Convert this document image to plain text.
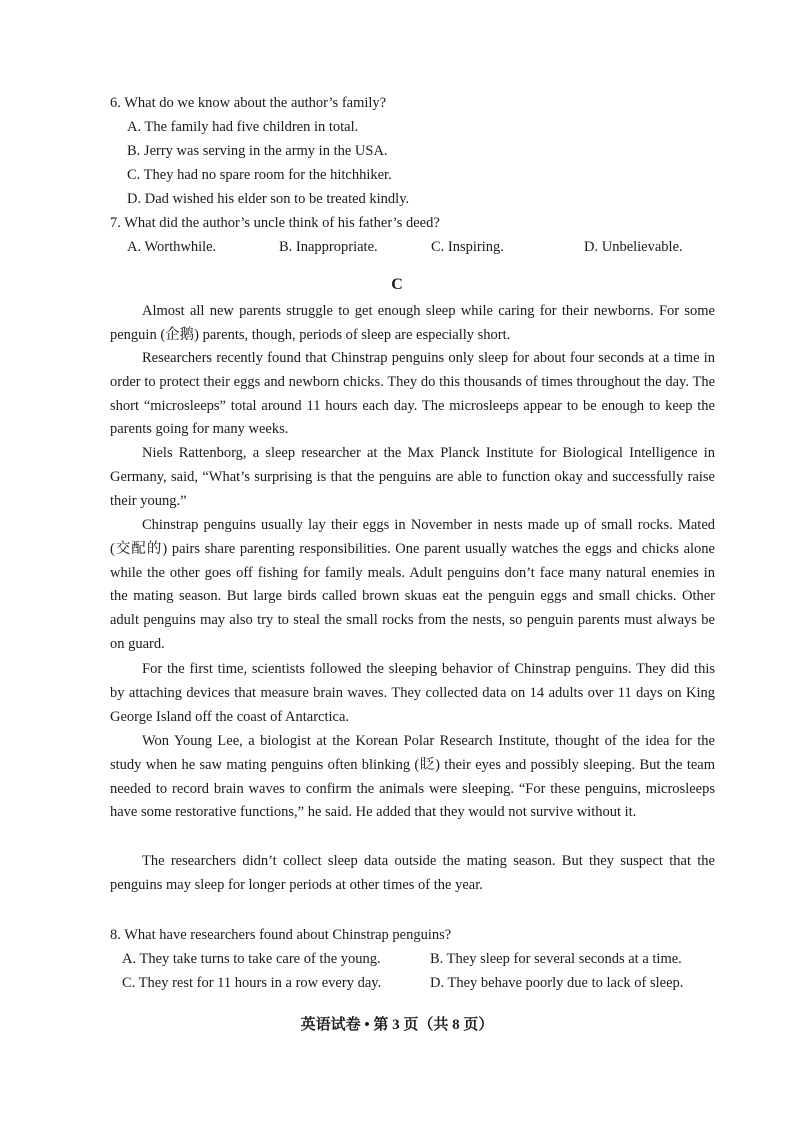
6. What do we know about the author’s family?
A. The family had five children in total.
B. Jerry was serving in the army in the USA.
C. They had no spare room for the hitchhiker.
D. Dad wished his elder son to be treated kindly.
7. What did the author’s uncle think of his father’s deed?
A. Worthwhile.	B. Inappropriate.	C. Inspiring.	D. Unbelievable.
C
Almost all new parents struggle to get enough sleep while caring for their newborns. For some penguin (企鹅) parents, though, periods of sleep are especially short.
Researchers recently found that Chinstrap penguins only sleep for about four seconds at a time in order to protect their eggs and newborn chicks. They do this thousands of times throughout the day. The short “microsleeps” total around 11 hours each day. The microsleeps appear to be enough to keep the parents going for many weeks.
Niels Rattenborg, a sleep researcher at the Max Planck Institute for Biological Intelligence in Germany, said, “What’s surprising is that the penguins are able to function okay and successfully raise their young.”
Chinstrap penguins usually lay their eggs in November in nests made up of small rocks. Mated (交配的) pairs share parenting responsibilities. One parent usually watches the eggs and chicks alone while the other goes off fishing for family meals. Adult penguins don’t face many natural enemies in the mating season. But large birds called brown skuas eat the penguin eggs and small chicks. Other adult penguins may also try to steal the small rocks from the nests, so penguin parents must always be on guard.
For the first time, scientists followed the sleeping behavior of Chinstrap penguins. They did this by attaching devices that measure brain waves. They collected data on 14 adults over 11 days on King George Island off the coast of Antarctica.
Won Young Lee, a biologist at the Korean Polar Research Institute, thought of the idea for the study when he saw mating penguins often blinking (眨) their eyes and possibly sleeping. But the team needed to record brain waves to confirm the animals were sleeping. “For these penguins, microsleeps have some restorative functions,” he said. He added that they would not survive without it.
The researchers didn’t collect sleep data outside the mating season. But they suspect that the penguins may sleep for longer periods at other times of the year.
8. What have researchers found about Chinstrap penguins?
A. They take turns to take care of the young.	B. They sleep for several seconds at a time.
C. They rest for 11 hours in a row every day.	D. They behave poorly due to lack of sleep.
英语试卷 • 第 3 页（共 8 页）
